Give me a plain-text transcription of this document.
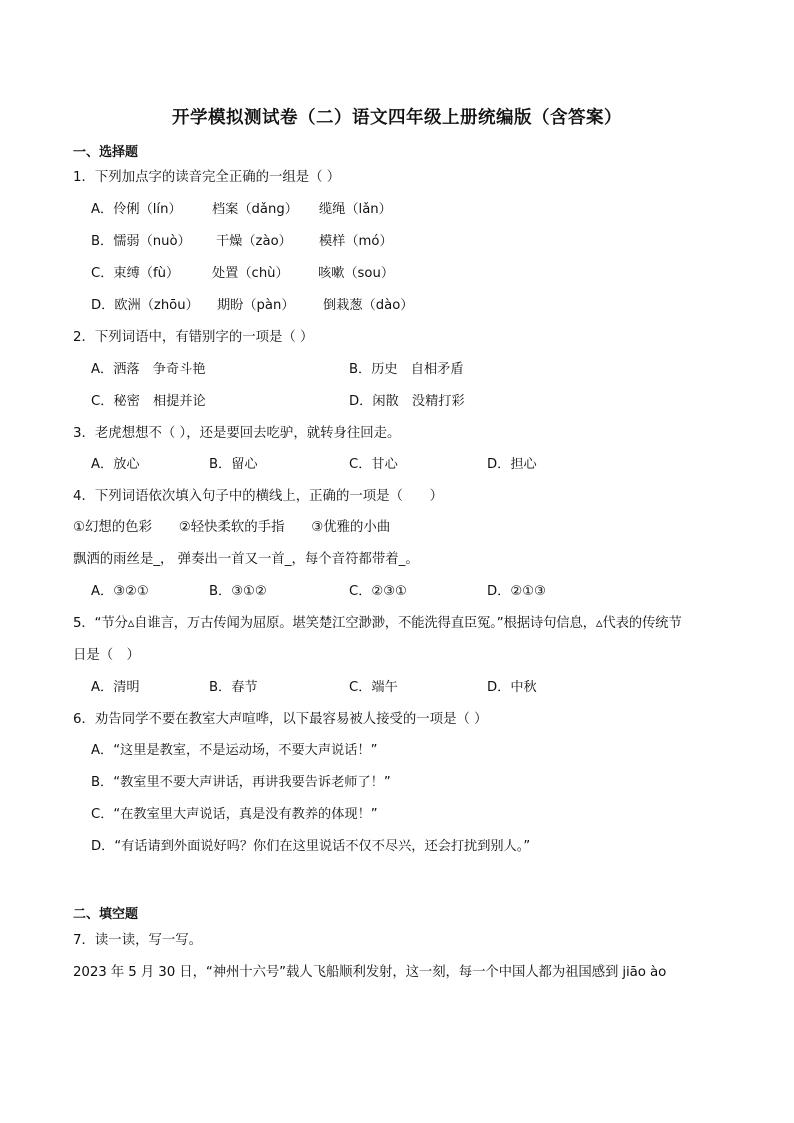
开学模拟测试卷（二）语文四年级上册统编版（含答案）
一、选择题
1．下列加点字的读音完全正确的一组是（ ）
A．伶俐（lín） 档案（dǎng） 缆绳（lǎn）
B．懦弱（nuò） 干燥（zào） 模样（mó）
C．束缚（fù） 处置（chù） 咳嗽（sou）
D．欧洲（zhōu） 期盼（pàn） 倒栽葱（dào）
2．下列词语中，有错别字的一项是（ ）
A．洒落　争奇斗艳	B．历史　自相矛盾
C．秘密　相提并论	D．闲散　没精打彩
3．老虎想想不（ ），还是要回去吃驴，就转身往回走。
A．放心	B．留心	C．甘心	D．担心
4．下列词语依次填入句子中的横线上，正确的一项是（　　）
①幻想的色彩　　②轻快柔软的手指　　③优雅的小曲
飘洒的雨丝是_， 弹奏出一首又一首_，每个音符都带着_。
A．③②①	B．③①②	C．②③①	D．②①③
5．“节分▵自谁言，万古传闻为屈原。堪笑楚江空渺渺，不能洗得直臣冤。”根据诗句信息，▵代表的传统节
日是（　）
A．清明	B．春节	C．端午	D．中秋
6．劝告同学不要在教室大声喧哗，以下最容易被人接受的一项是（ ）
A．“这里是教室，不是运动场，不要大声说话！”
B．“教室里不要大声讲话，再讲我要告诉老师了！”
C．“在教室里大声说话，真是没有教养的体现！”
D．“有话请到外面说好吗？你们在这里说话不仅不尽兴，还会打扰到别人。”
二、填空题
7．读一读，写一写。
2023 年 5 月 30 日，“神州十六号”载人飞船顺利发射，这一刻，每一个中国人都为祖国感到 jiāo ào
